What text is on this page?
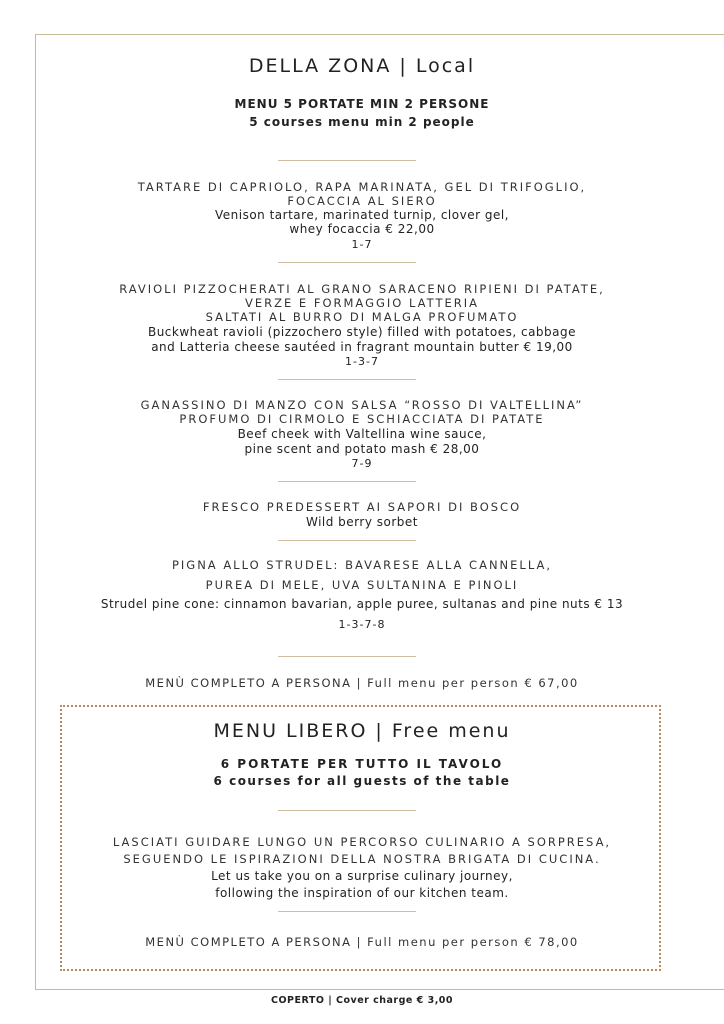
DELLA ZONA | Local
MENU 5 PORTATE MIN 2 PERSONE
5 courses menu min 2 people
TARTARE DI CAPRIOLO, RAPA MARINATA, GEL DI TRIFOGLIO,
FOCACCIA AL SIERO
Venison tartare, marinated turnip, clover gel,
whey focaccia € 22,00
1-7
RAVIOLI PIZZOCHERATI AL GRANO SARACENO RIPIENI DI PATATE,
VERZE E FORMAGGIO LATTERIA
SALTATI AL BURRO DI MALGA PROFUMATO
Buckwheat ravioli (pizzochero style) filled with potatoes, cabbage
and Latteria cheese sautéed in fragrant mountain butter € 19,00
1-3-7
GANASSINO DI MANZO CON SALSA “ROSSO DI VALTELLINA”
PROFUMO DI CIRMOLO E SCHIACCIATA DI PATATE
Beef cheek with Valtellina wine sauce,
pine scent and potato mash € 28,00
7-9
FRESCO PREDESSERT AI SAPORI DI BOSCO
Wild berry sorbet
PIGNA ALLO STRUDEL: BAVARESE ALLA CANNELLA,
PUREA DI MELE, UVA SULTANINA E PINOLI
Strudel pine cone: cinnamon bavarian, apple puree, sultanas and pine nuts € 13
1-3-7-8
MENÙ COMPLETO A PERSONA | Full menu per person € 67,00
MENU LIBERO | Free menu
6 PORTATE PER TUTTO IL TAVOLO
6 courses for all guests of the table
LASCIATI GUIDARE LUNGO UN PERCORSO CULINARIO A SORPRESA,
SEGUENDO LE ISPIRAZIONI DELLA NOSTRA BRIGATA DI CUCINA.
Let us take you on a surprise culinary journey,
following the inspiration of our kitchen team.
MENÙ COMPLETO A PERSONA | Full menu per person € 78,00
COPERTO | Cover charge € 3,00
